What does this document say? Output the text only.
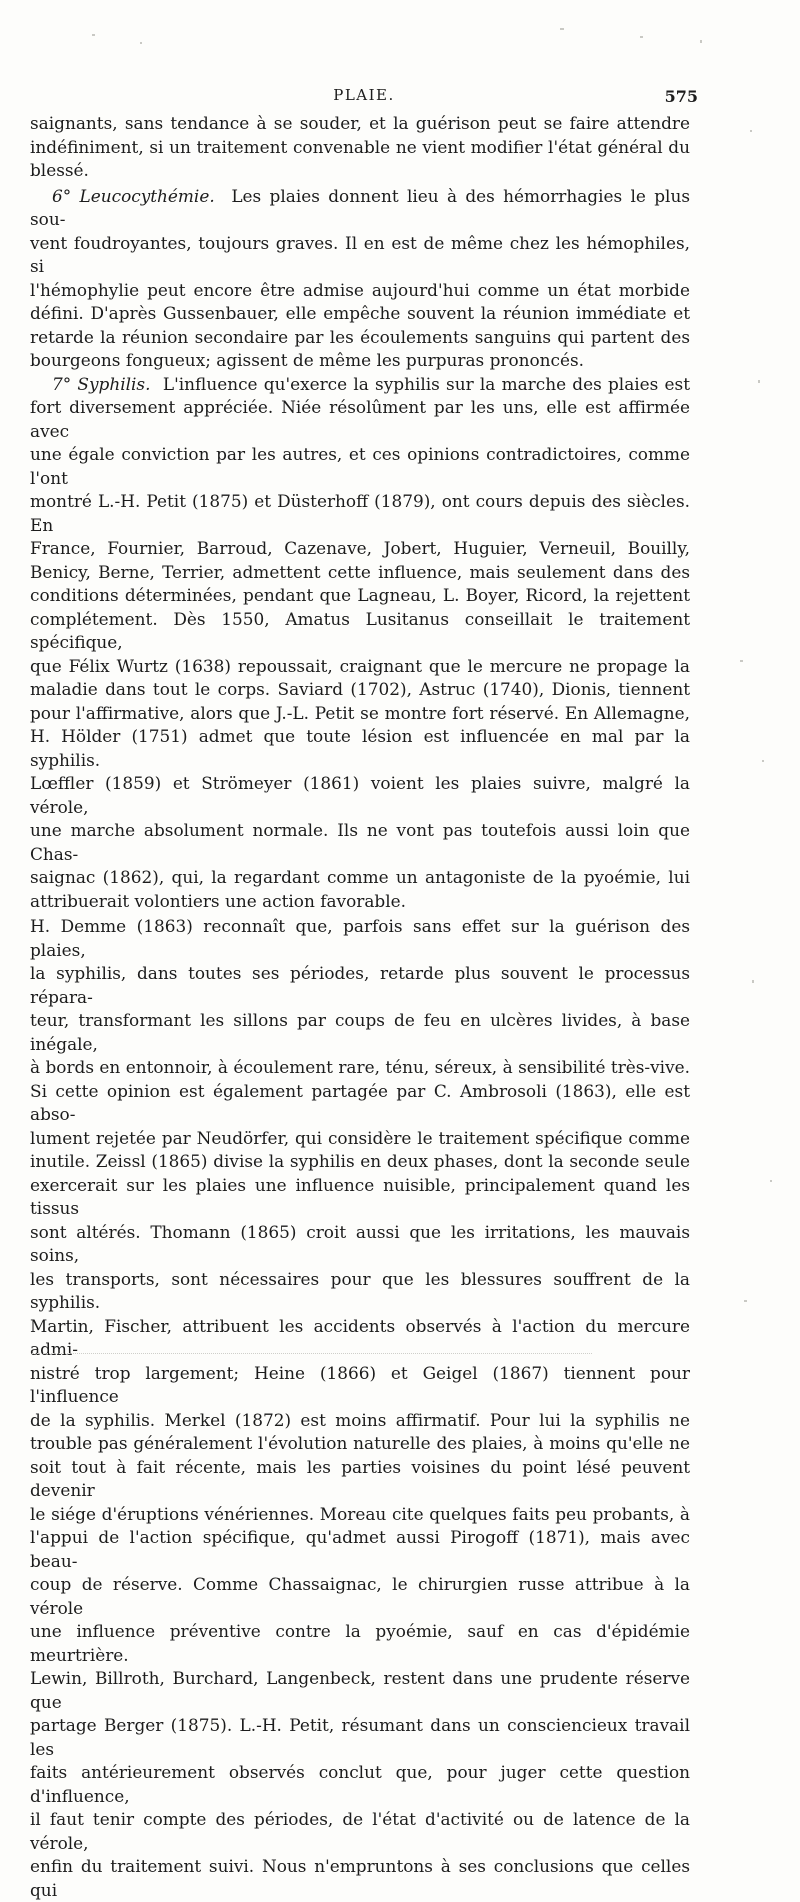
PLAIE.	575

saignants, sans tendance à se souder, et la guérison peut se faire attendre

indéfiniment, si un traitement convenable ne vient modifier l'état général du

blessé.

6° Leucocythémie. Les plaies donnent lieu à des hémorrhagies le plus sou-

vent foudroyantes, toujours graves. Il en est de même chez les hémophiles, si

l'hémophylie peut encore être admise aujourd'hui comme un état morbide

défini. D'après Gussenbauer, elle empêche souvent la réunion immédiate et

retarde la réunion secondaire par les écoulements sanguins qui partent des

bourgeons fongueux; agissent de même les purpuras prononcés.

7° Syphilis. L'influence qu'exerce la syphilis sur la marche des plaies est

fort diversement appréciée. Niée résolûment par les uns, elle est affirmée avec

une égale conviction par les autres, et ces opinions contradictoires, comme l'ont

montré L.-H. Petit (1875) et Düsterhoff (1879), ont cours depuis des siècles. En

France, Fournier, Barroud, Cazenave, Jobert, Huguier, Verneuil, Bouilly,

Benicy, Berne, Terrier, admettent cette influence, mais seulement dans des

conditions déterminées, pendant que Lagneau, L. Boyer, Ricord, la rejettent

complétement. Dès 1550, Amatus Lusitanus conseillait le traitement spécifique,

que Félix Wurtz (1638) repoussait, craignant que le mercure ne propage la

maladie dans tout le corps. Saviard (1702), Astruc (1740), Dionis, tiennent

pour l'affirmative, alors que J.-L. Petit se montre fort réservé. En Allemagne,

H. Hölder (1751) admet que toute lésion est influencée en mal par la syphilis.

Lœffler (1859) et Strömeyer (1861) voient les plaies suivre, malgré la vérole,

une marche absolument normale. Ils ne vont pas toutefois aussi loin que Chas-

saignac (1862), qui, la regardant comme un antagoniste de la pyoémie, lui

attribuerait volontiers une action favorable.

H. Demme (1863) reconnaît que, parfois sans effet sur la guérison des plaies,

la syphilis, dans toutes ses périodes, retarde plus souvent le processus répara-

teur, transformant les sillons par coups de feu en ulcères livides, à base inégale,

à bords en entonnoir, à écoulement rare, ténu, séreux, à sensibilité très-vive.

Si cette opinion est également partagée par C. Ambrosoli (1863), elle est abso-

lument rejetée par Neudörfer, qui considère le traitement spécifique comme

inutile. Zeissl (1865) divise la syphilis en deux phases, dont la seconde seule

exercerait sur les plaies une influence nuisible, principalement quand les tissus

sont altérés. Thomann (1865) croit aussi que les irritations, les mauvais soins,

les transports, sont nécessaires pour que les blessures souffrent de la syphilis.

Martin, Fischer, attribuent les accidents observés à l'action du mercure admi-

nistré trop largement; Heine (1866) et Geigel (1867) tiennent pour l'influence

de la syphilis. Merkel (1872) est moins affirmatif. Pour lui la syphilis ne

trouble pas généralement l'évolution naturelle des plaies, à moins qu'elle ne

soit tout à fait récente, mais les parties voisines du point lésé peuvent devenir

le siége d'éruptions vénériennes. Moreau cite quelques faits peu probants, à

l'appui de l'action spécifique, qu'admet aussi Pirogoff (1871), mais avec beau-

coup de réserve. Comme Chassaignac, le chirurgien russe attribue à la vérole

une influence préventive contre la pyoémie, sauf en cas d'épidémie meurtrière.

Lewin, Billroth, Burchard, Langenbeck, restent dans une prudente réserve que

partage Berger (1875). L.-H. Petit, résumant dans un consciencieux travail les

faits antérieurement observés conclut que, pour juger cette question d'influence,

il faut tenir compte des périodes, de l'état d'activité ou de latence de la vérole,

enfin du traitement suivi. Nous n'empruntons à ses conclusions que celles qui
